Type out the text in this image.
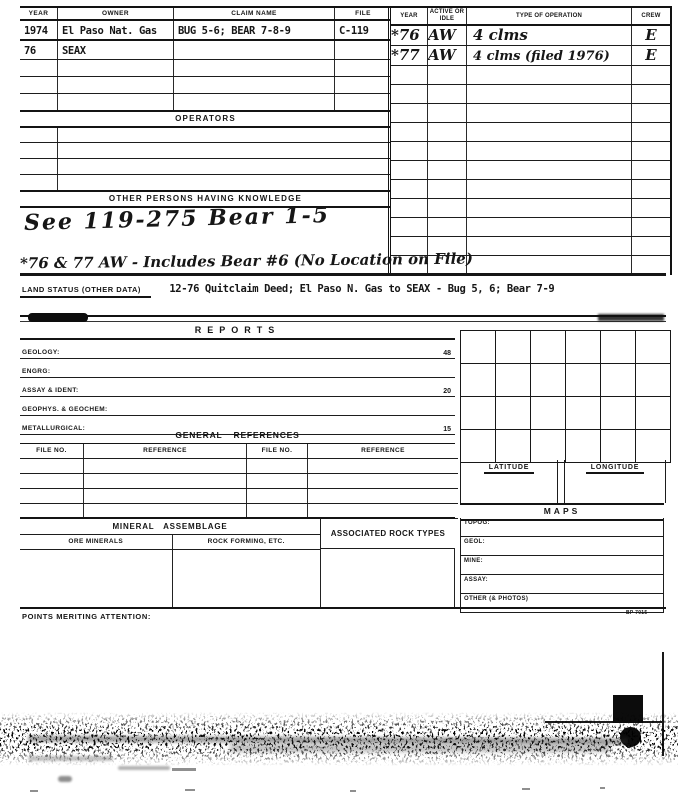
YEAR	OWNER	CLAIM NAME	FILE
1974	El Paso Nat. Gas	BUG 5-6; BEAR 7-8-9	C-119
76	SEAX		

OPERATORS			

OTHER PERSONS HAVING KNOWLEDGE			
YEAR	ACTIVE OR IDLE	TYPE OF OPERATION	CREW
*76	AW	4 clms	E
*77	AW	4 clms (filed 1976)	E

See 119-275 Bear 1-5
*76 & 77 AW - Includes Bear #6 (No Location on File)
LAND STATUS (OTHER DATA)	12-76 Quitclaim Deed; El Paso N. Gas to SEAX - Bug 5, 6; Bear 7-9
REPORTS
GEOLOGY:	48
ENGRG:
ASSAY & IDENT:	20
GEOPHYS. & GEOCHEM:
METALLURGICAL:	15
GENERAL REFERENCES
FILE NO.	REFERENCE	FILE NO.	REFERENCE

MINERAL ASSEMBLAGE
ORE MINERALS	ROCK FORMING, ETC.
ASSOCIATED ROCK TYPES

LATITUDE	LONGITUDE
MAPS
TOPOG:
GEOL:
MINE:
ASSAY:
OTHER (& PHOTOS)
POINTS MERITING ATTENTION:	BP 7015
